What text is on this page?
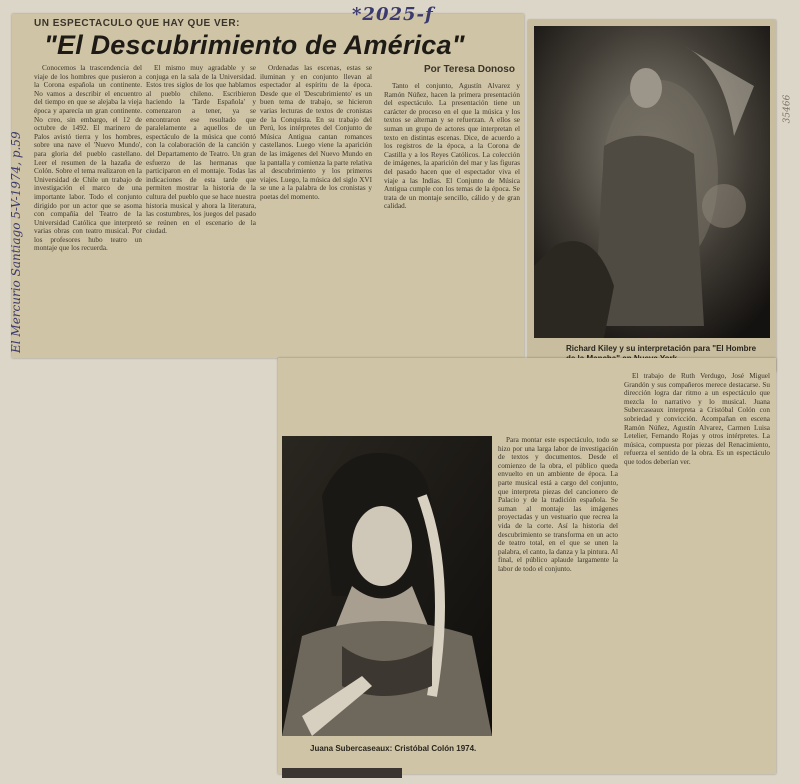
UN ESPECTACULO QUE HAY QUE VER:
"El Descubrimiento de América"
Por Teresa Donoso
*2025-f
El Mercurio Santiago 5-V-1974, p.59

Conocemos la trascendencia del viaje de los hombres que pusieron a la Corona española un continente. No vamos a describir el encuentro del tiempo en que se alejaba la vieja época y aparecía un gran continente. No creo, sin embargo, el 12 de octubre de 1492. El marinero de Palos avistó tierra y los hombres, sobre una nave el 'Nuevo Mundo', para gloria del pueblo castellano. Leer el resumen de la hazaña de Colón. Sobre el tema realizaron en la Universidad de Chile un trabajo de investigación el marco de una importante labor. Todo el conjunto dirigido por un actor que se asoma con compañía del Teatro de la Universidad Católica que interpretó varias obras con teatro musical. Por los profesores hubo teatro un montaje que los recuerda.

El mismo muy agradable y se conjuga en la sala de la Universidad. Estos tres siglos de los que hablamos al pueblo chileno. Escribieron haciendo la 'Tarde Española' y comenzaron a tener, ya se encontraron ese resultado que paralelamente a aquellos de un espectáculo de la música que contó con la colaboración de la canción y del Departamento de Teatro. Un gran esfuerzo de las hermanas que participaron en el montaje. Todas las indicaciones de esta tarde que permiten mostrar la historia de la cultura del pueblo que se hace nuestra historia musical y ahora la literatura, las costumbres, los juegos del pasado se reúnen en el escenario de la ciudad.

Ordenadas las escenas, estas se iluminan y en conjunto llevan al espectador al espíritu de la época. Desde que el 'Descubrimiento' es un buen tema de trabajo, se hicieron varias lecturas de textos de cronistas de la Conquista. En su trabajo del Perú, los intérpretes del Conjunto de Música Antigua cantan romances castellanos. Luego viene la aparición de las imágenes del Nuevo Mundo en la pantalla y comienza la parte relativa al descubrimiento y los primeros viajes. Luego, la música del siglo XVI se une a la palabra de los cronistas y poetas del momento.

Tanto el conjunto, Agustín Alvarez y Ramón Núñez, hacen la primera presentación del espectáculo. La presentación tiene un carácter de proceso en el que la música y los textos se alternan y se refuerzan. A ellos se suman un grupo de actores que interpretan el texto en distintas escenas. Dice, de acuerdo a los registros de la época, a la Corona de Castilla y a los Reyes Católicos. La colección de imágenes, la aparición del mar y las figuras del pasado hacen que el espectador viva el viaje a las Indias. El Conjunto de Música Antigua cumple con los temas de la época. Se trata de un montaje sencillo, cálido y de gran calidad.

Richard Kiley y su interpretación para "El Hombre
35466
Juana Subercaseaux: Cristóbal Colón 1974.

Para montar este espectáculo, todo se hizo por una larga labor de investigación de textos y documentos. Desde el comienzo de la obra, el público queda envuelto en un ambiente de época. La parte musical está a cargo del conjunto, que interpreta piezas del cancionero de Palacio y de la tradición española. Se suman al montaje las imágenes proyectadas y un vestuario que recrea la vida de la corte. Así la historia del descubrimiento se transforma en un acto de teatro total, en el que se unen la palabra, el canto, la danza y la pintura. Al final, el público aplaude largamente la labor de todo el conjunto.

El trabajo de Ruth Verdugo, José Miguel Grandón y sus compañeros merece destacarse. Su dirección logra dar ritmo a un espectáculo que mezcla lo narrativo y lo musical. Juana Subercaseaux interpreta a Cristóbal Colón con sobriedad y convicción. Acompañan en escena Ramón Núñez, Agustín Alvarez, Carmen Luisa Letelier, Fernando Rojas y otros intérpretes. La música, compuesta por piezas del Renacimiento, refuerza el sentido de la obra. Es un espectáculo que todos deberían ver.
